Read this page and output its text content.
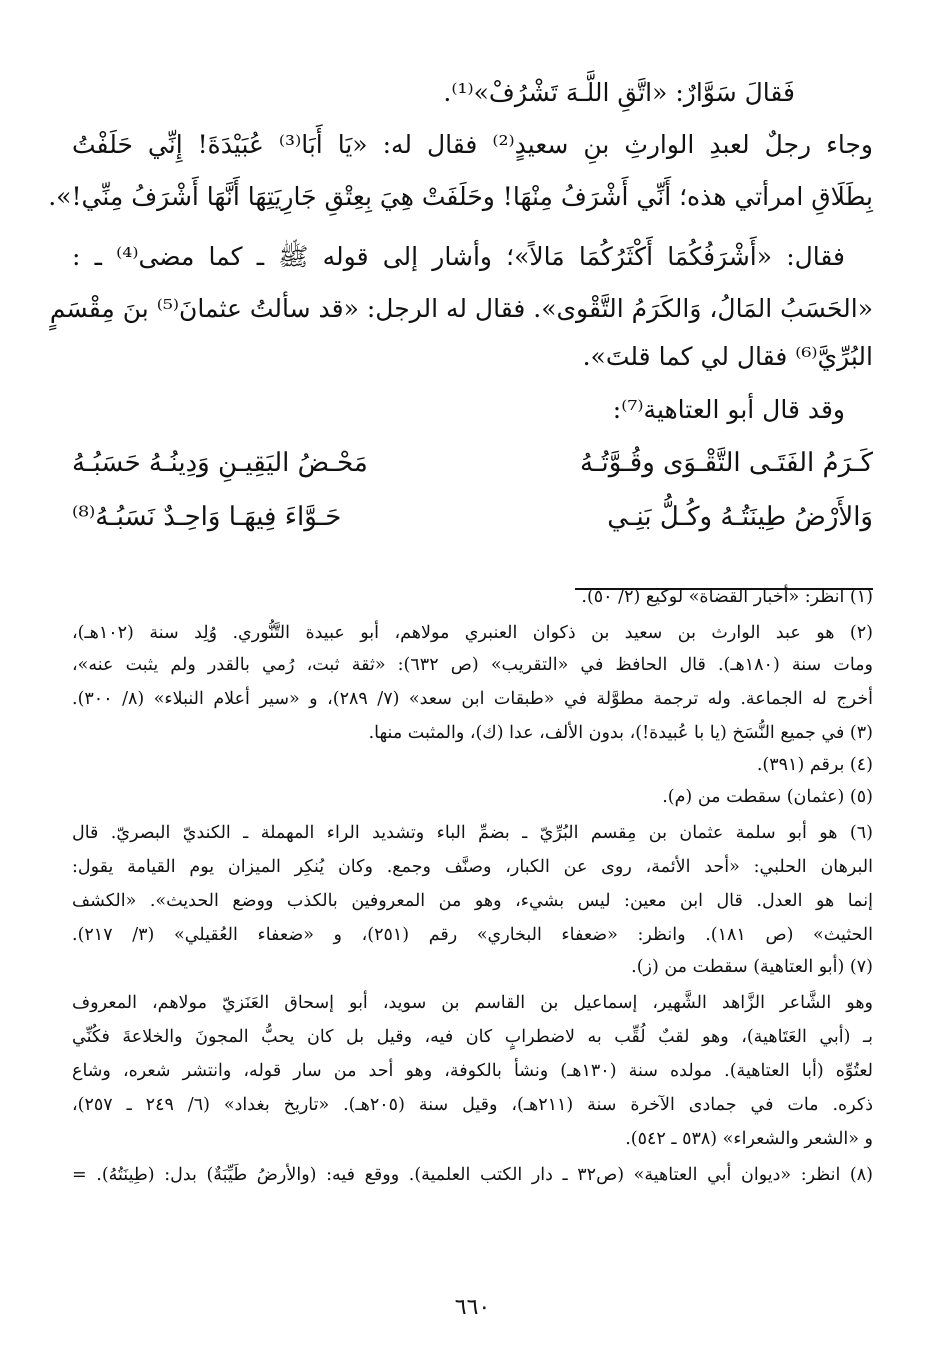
فَقالَ سَوَّارٌ: «اتَّقِ اللَّـهَ تَشْرُفْ»⁽¹⁾.
وجاء رجلٌ لعبدِ الوارثِ بنِ سعيدٍ⁽²⁾ فقال له: «يَا أَبَا⁽³⁾ عُبَيْدَةَ! إِنِّي حَلَفْتُ
بِطَلَاقِ امرأتي هذه؛ أَنِّي أَشْرَفُ مِنْهَا! وحَلَفَتْ هِيَ بِعِتْقِ جَارِيَتِهَا أَنَّهَا أَشْرَفُ مِنِّي!».
فقال: «أَشْرَفُكُمَا أَكْثَرُكُمَا مَالاً»؛ وأشار إلى قوله ﷺ ـ كما مضى⁽⁴⁾ ـ :
«الحَسَبُ المَالُ، وَالكَرَمُ التَّقْوى». فقال له الرجل: «قد سألتُ عثمانَ⁽⁵⁾ بنَ مِقْسَمٍ
البُرِّيَّ⁽⁶⁾ فقال لي كما قلتَ».
وقد قال أبو العتاهية⁽⁷⁾:
كَـرَمُ الفَتَـى التَّقْـوَى وقُـوَّتُـهُ
مَحْـضُ اليَقِيـنِ وَدِينُـهُ حَسَبُـهُ
وَالأَرْضُ طِينَتُـهُ وكُـلُّ بَنِـي
حَـوَّاءَ فِيهَـا وَاحِـدٌ نَسَبُـهُ⁽⁸⁾
(١) انظر: «أخبار القضاة» لوكيع (٢/ ٥٠).
(٢) هو عبد الوارث بن سعيد بن ذكوان العنبري مولاهم، أبو عبيدة التَّنُّوري. وُلِد سنة (١٠٢هـ)،
ومات سنة (١٨٠هـ). قال الحافظ في «التقريب» (ص ٦٣٢): «ثقة ثبت، رُمي بالقدر ولم يثبت عنه»،
أخرج له الجماعة. وله ترجمة مطوَّلة في «طبقات ابن سعد» (٧/ ٢٨٩)، و «سير أعلام النبلاء» (٨/ ٣٠٠).
(٣) في جميع النُّسَخ (يا با عُبيدة!)، بدون الألف، عدا (ك)، والمثبت منها.
(٤) برقم (٣٩١).
(٥) (عثمان) سقطت من (م).
(٦) هو أبو سلمة عثمان بن مِقسم البُرِّيّ ـ بضمِّ الباء وتشديد الراء المهملة ـ الكنديّ البصريّ. قال
البرهان الحلبي: «أحد الأئمة، روى عن الكبار، وصنَّف وجمع. وكان يُنكِر الميزان يوم القيامة يقول:
إنما هو العدل. قال ابن معين: ليس بشيء، وهو من المعروفين بالكذب ووضع الحديث». «الكشف
الحثيث» (ص ١٨١). وانظر: «ضعفاء البخاري» رقم (٢٥١)، و «ضعفاء العُقيلي» (٣/ ٢١٧).
(٧) (أبو العتاهية) سقطت من (ز).
وهو الشَّاعر الزَّاهد الشَّهير، إسماعيل بن القاسم بن سويد، أبو إسحاق العَنَزيّ مولاهم، المعروف
بـ (أبي العَتَاهية)، وهو لقبٌ لُقِّب به لاضطرابٍ كان فيه، وقيل بل كان يحبُّ المجونَ والخلاعةَ فكُنِّي
لعتُوِّه (أبا العتاهية). مولده سنة (١٣٠هـ) ونشأ بالكوفة، وهو أحد من سار قوله، وانتشر شعره، وشاع
ذكره. مات في جمادى الآخرة سنة (٢١١هـ)، وقيل سنة (٢٠٥هـ). «تاريخ بغداد» (٦/ ٢٤٩ ـ ٢٥٧)،
و «الشعر والشعراء» (٥٣٨ ـ ٥٤٢).
(٨) انظر: «ديوان أبي العتاهية» (ص٣٢ ـ دار الكتب العلمية). ووقع فيه: (والأرضُ طَيِّبَةٌ) بدل: (طِينَتُهُ). =
٦٦٠
